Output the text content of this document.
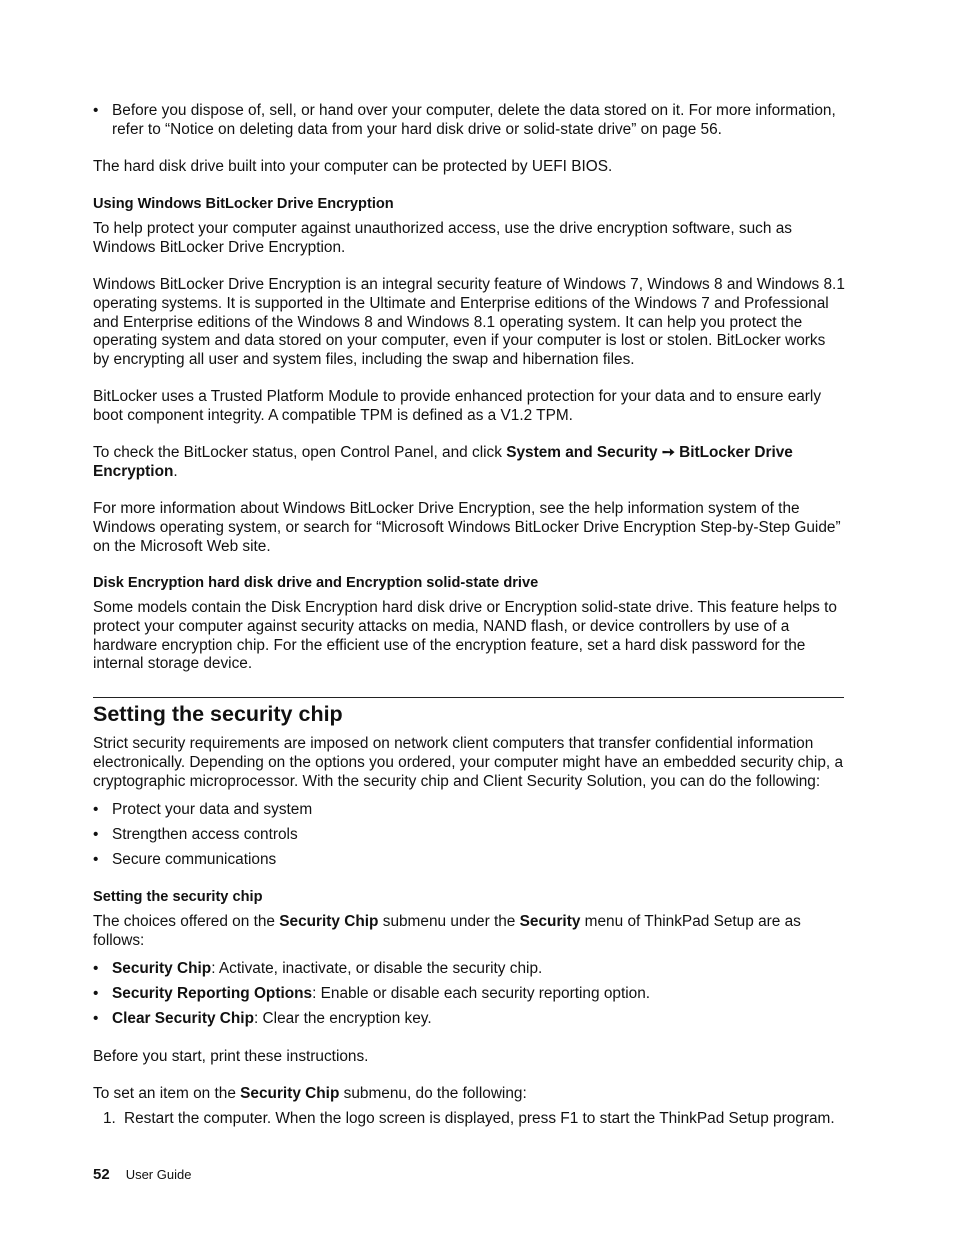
• Before you dispose of, sell, or hand over your computer, delete the data stored on it. For more information, refer to “Notice on deleting data from your hard disk drive or solid-state drive” on page 56.
The hard disk drive built into your computer can be protected by UEFI BIOS.
Using Windows BitLocker Drive Encryption
To help protect your computer against unauthorized access, use the drive encryption software, such as Windows BitLocker Drive Encryption.
Windows BitLocker Drive Encryption is an integral security feature of Windows 7, Windows 8 and Windows 8.1 operating systems. It is supported in the Ultimate and Enterprise editions of the Windows 7 and Professional and Enterprise editions of the Windows 8 and Windows 8.1 operating system. It can help you protect the operating system and data stored on your computer, even if your computer is lost or stolen. BitLocker works by encrypting all user and system files, including the swap and hibernation files.
BitLocker uses a Trusted Platform Module to provide enhanced protection for your data and to ensure early boot component integrity. A compatible TPM is defined as a V1.2 TPM.
To check the BitLocker status, open Control Panel, and click System and Security ➙ BitLocker Drive Encryption.
For more information about Windows BitLocker Drive Encryption, see the help information system of the Windows operating system, or search for “Microsoft Windows BitLocker Drive Encryption Step-by-Step Guide” on the Microsoft Web site.
Disk Encryption hard disk drive and Encryption solid-state drive
Some models contain the Disk Encryption hard disk drive or Encryption solid-state drive. This feature helps to protect your computer against security attacks on media, NAND flash, or device controllers by use of a hardware encryption chip. For the efficient use of the encryption feature, set a hard disk password for the internal storage device.
Setting the security chip
Strict security requirements are imposed on network client computers that transfer confidential information electronically. Depending on the options you ordered, your computer might have an embedded security chip, a cryptographic microprocessor. With the security chip and Client Security Solution, you can do the following:
• Protect your data and system
• Strengthen access controls
• Secure communications
Setting the security chip
The choices offered on the Security Chip submenu under the Security menu of ThinkPad Setup are as follows:
• Security Chip: Activate, inactivate, or disable the security chip.
• Security Reporting Options: Enable or disable each security reporting option.
• Clear Security Chip: Clear the encryption key.
Before you start, print these instructions.
To set an item on the Security Chip submenu, do the following:
1. Restart the computer. When the logo screen is displayed, press F1 to start the ThinkPad Setup program.
52 User Guide
